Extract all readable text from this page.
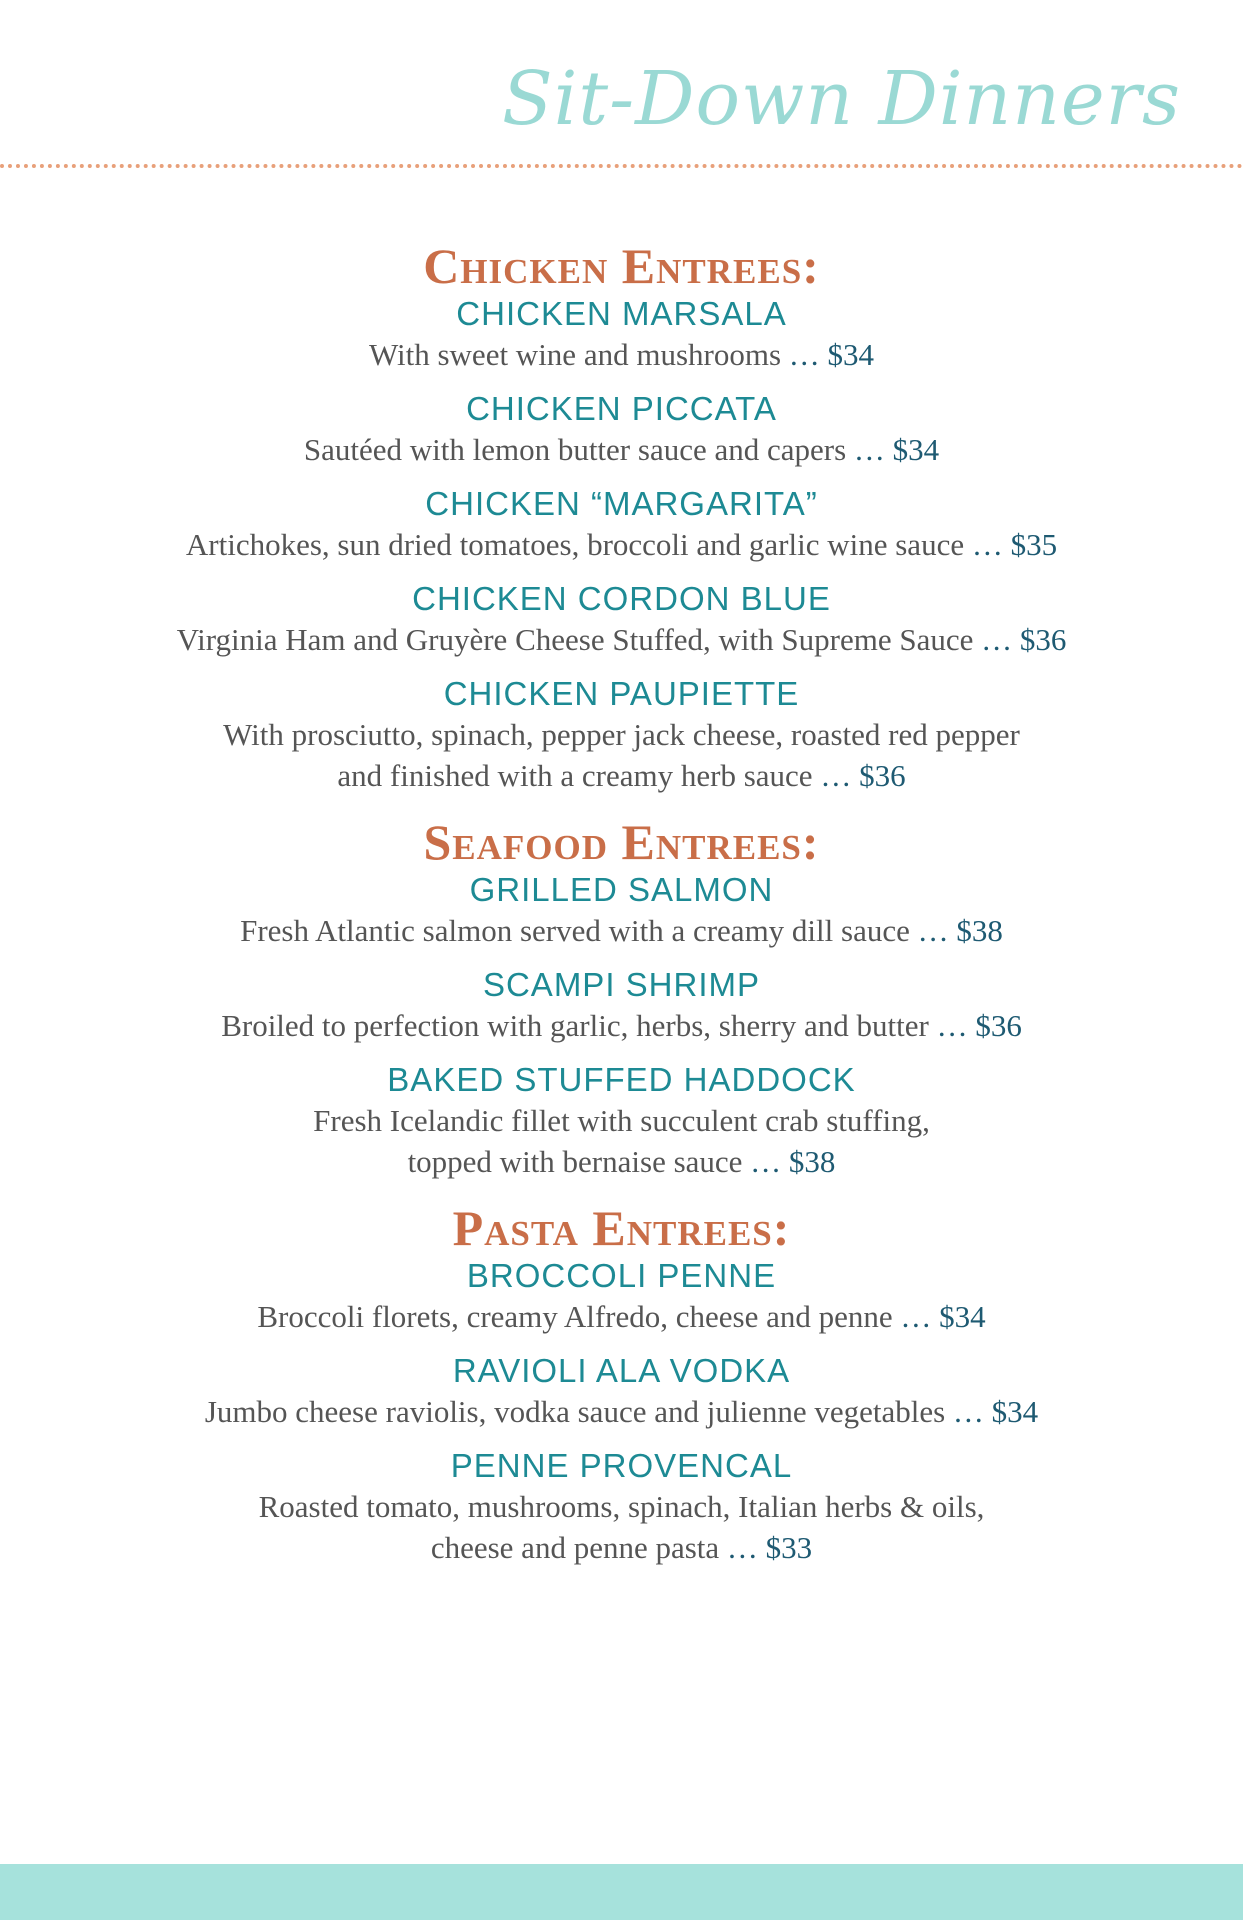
Sit-Down Dinners
Chicken Entrees:

CHICKEN MARSALA

With sweet wine and mushrooms … $34

CHICKEN PICCATA

Sautéed with lemon butter sauce and capers … $34

CHICKEN “MARGARITA”

Artichokes, sun dried tomatoes, broccoli and garlic wine sauce … $35

CHICKEN CORDON BLUE

Virginia Ham and Gruyère Cheese Stuffed, with Supreme Sauce … $36

CHICKEN PAUPIETTE

With prosciutto, spinach, pepper jack cheese, roasted red pepper
and finished with a creamy herb sauce … $36

Seafood Entrees:

GRILLED SALMON

Fresh Atlantic salmon served with a creamy dill sauce … $38

SCAMPI SHRIMP

Broiled to perfection with garlic, herbs, sherry and butter … $36

BAKED STUFFED HADDOCK

Fresh Icelandic fillet with succulent crab stuffing,
topped with bernaise sauce … $38

Pasta Entrees:

BROCCOLI PENNE

Broccoli florets, creamy Alfredo, cheese and penne … $34

RAVIOLI ALA VODKA

Jumbo cheese raviolis, vodka sauce and julienne vegetables … $34

PENNE PROVENCAL

Roasted tomato, mushrooms, spinach, Italian herbs & oils,
cheese and penne pasta … $33
